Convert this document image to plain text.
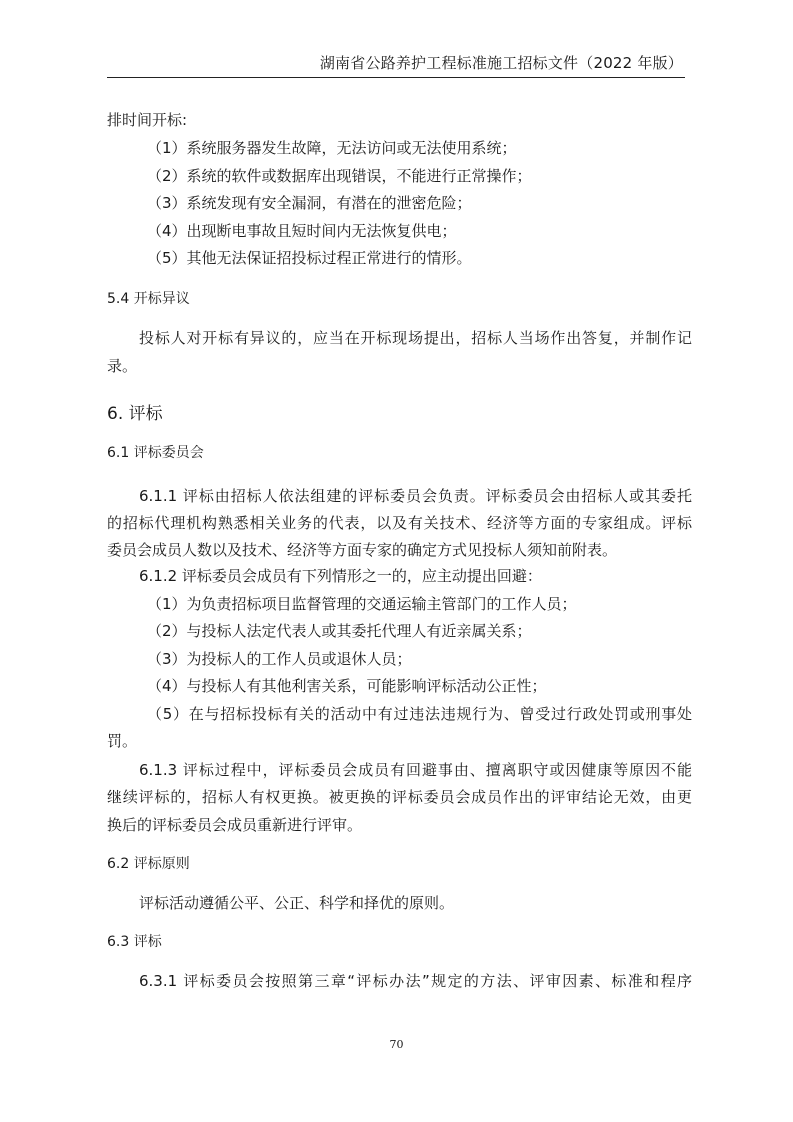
湖南省公路养护工程标准施工招标文件（2022 年版）
排时间开标:
（1）系统服务器发生故障，无法访问或无法使用系统；
（2）系统的软件或数据库出现错误，不能进行正常操作；
（3）系统发现有安全漏洞，有潜在的泄密危险；
（4）出现断电事故且短时间内无法恢复供电；
（5）其他无法保证招投标过程正常进行的情形。
5.4 开标异议
投标人对开标有异议的，应当在开标现场提出，招标人当场作出答复，并制作记
录。
6. 评标
6.1 评标委员会
6.1.1 评标由招标人依法组建的评标委员会负责。评标委员会由招标人或其委托
的招标代理机构熟悉相关业务的代表，以及有关技术、经济等方面的专家组成。评标
委员会成员人数以及技术、经济等方面专家的确定方式见投标人须知前附表。
6.1.2 评标委员会成员有下列情形之一的，应主动提出回避：
（1）为负责招标项目监督管理的交通运输主管部门的工作人员；
（2）与投标人法定代表人或其委托代理人有近亲属关系；
（3）为投标人的工作人员或退休人员；
（4）与投标人有其他利害关系，可能影响评标活动公正性；
（5）在与招标投标有关的活动中有过违法违规行为、曾受过行政处罚或刑事处
罚。
6.1.3 评标过程中，评标委员会成员有回避事由、擅离职守或因健康等原因不能
继续评标的，招标人有权更换。被更换的评标委员会成员作出的评审结论无效，由更
换后的评标委员会成员重新进行评审。
6.2 评标原则
评标活动遵循公平、公正、科学和择优的原则。
6.3 评标
6.3.1 评标委员会按照第三章“评标办法”规定的方法、评审因素、标准和程序
70
